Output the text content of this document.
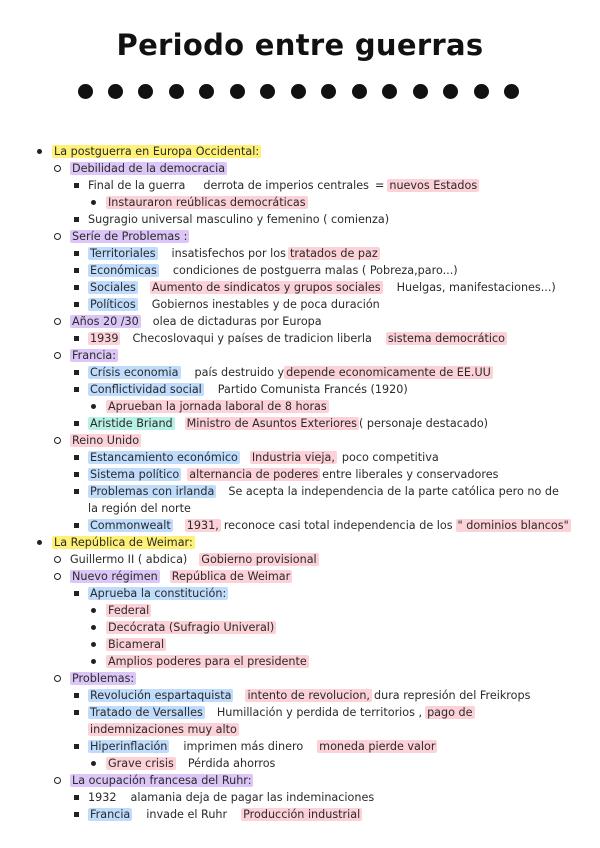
Periodo entre guerras
La postguerra en Europa Occidental:
Debilidad de la democracia
Final de la guerra derrota de imperios centrales = nuevos Estados
Instauraron reúblicas democráticas
Sugragio universal masculino y femenino ( comienza)
Seríe de Problemas :
Territoriales insatisfechos por los tratados de paz
Económicas condiciones de postguerra malas ( Pobreza,paro...)
Sociales Aumento de sindicatos y grupos sociales Huelgas, manifestaciones...)
Políticos Gobiernos inestables y de poca duración
Años 20 /30 olea de dictaduras por Europa
1939 Checoslovaqui y países de tradicion liberla sistema democrático
Francia:
Crísis economia país destruido y depende economicamente de EE.UU
Conflictividad social Partido Comunista Francés (1920)
Aprueban la jornada laboral de 8 horas
Aristide Briand Ministro de Asuntos Exteriores ( personaje destacado)
Reino Unido
Estancamiento económico Industria vieja, poco competitiva
Sistema político alternancia de poderes entre liberales y conservadores
Problemas con irlanda Se acepta la independencia de la parte católica pero no de
la región del norte
Commonwealt 1931, reconoce casi total independencia de los " dominios blancos"
La República de Weimar:
Guillermo II ( abdica) Gobierno provisional
Nuevo régimen República de Weimar
Aprueba la constitución:
Federal
Decócrata (Sufragio Univeral)
Bicameral
Amplios poderes para el presidente
Problemas:
Revolución espartaquista intento de revolucion, dura represión del Freikrops
Tratado de Versalles Humillación y perdida de territorios , pago de
indemnizaciones muy alto
Hiperinflación imprimen más dinero moneda pierde valor
Grave crisis Pérdida ahorros
La ocupación francesa del Ruhr:
1932 alamania deja de pagar las indeminaciones
Francia invade el Ruhr Producción industrial
